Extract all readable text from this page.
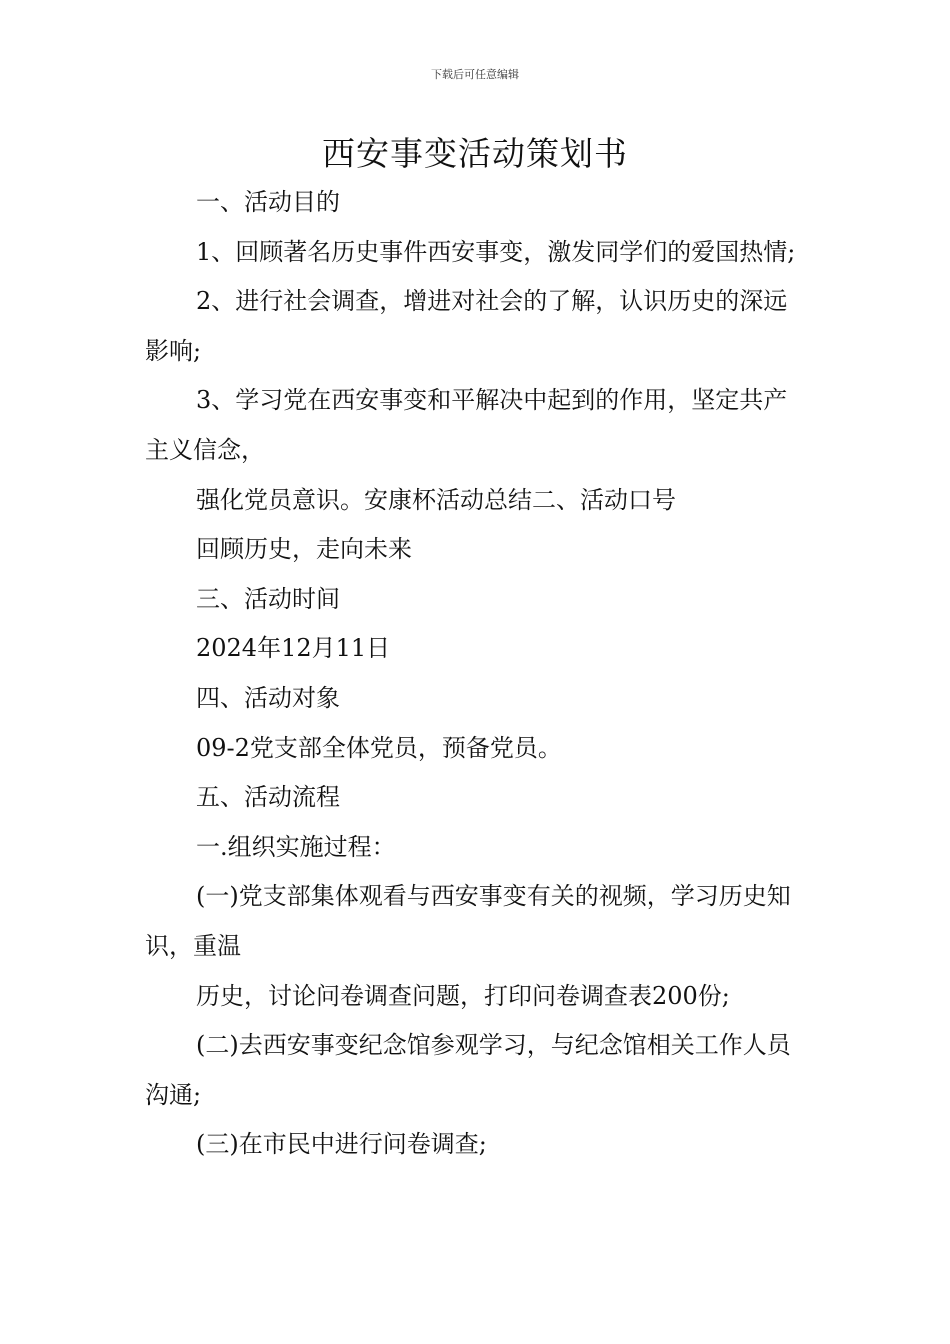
下载后可任意编辑
西安事变活动策划书

一、活动目的

1、回顾著名历史事件西安事变，激发同学们的爱国热情;

2、进行社会调查，增进对社会的了解，认识历史的深远影响;

3、学习党在西安事变和平解决中起到的作用，坚定共产主义信念，

强化党员意识。安康杯活动总结二、活动口号

回顾历史，走向未来

三、活动时间

2024年12月11日

四、活动对象

09-2党支部全体党员，预备党员。

五、活动流程

一.组织实施过程：

(一)党支部集体观看与西安事变有关的视频，学习历史知识，重温

历史，讨论问卷调查问题，打印问卷调查表200份;

(二)去西安事变纪念馆参观学习，与纪念馆相关工作人员沟通;

(三)在市民中进行问卷调查;
